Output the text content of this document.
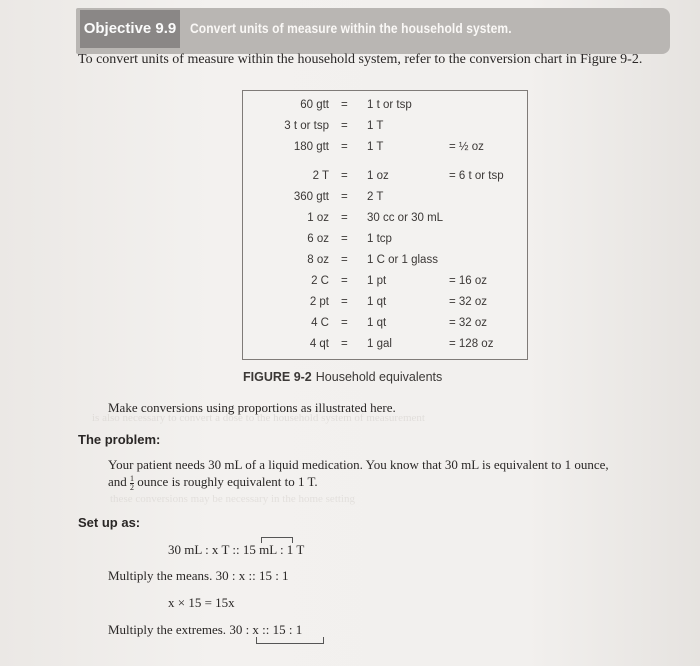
Objective 9.9 Convert units of measure within the household system.
To convert units of measure within the household system, refer to the conversion chart in Figure 9-2.
60 gtt = 1 t or tsp
3 t or tsp = 1 T
180 gtt = 1 T	= ½ oz
2 T = 1 oz	= 6 t or tsp
360 gtt = 2 T
1 oz = 30 cc or 30 mL
6 oz = 1 tcp
8 oz = 1 C or 1 glass
2 C = 1 pt	= 16 oz
2 pt = 1 qt	= 32 oz
4 C = 1 qt	= 32 oz
4 qt = 1 gal	= 128 oz
FIGURE 9-2 Household equivalents
Make conversions using proportions as illustrated here.
is also necessary to convert a dose to the household system of measurement
these conversions may be necessary in the home setting
The problem:
Your patient needs 30 mL of a liquid medication. You know that 30 mL is equivalent to 1 ounce,
and $\frac{1}{2}$ ounce is roughly equivalent to 1 T.
Set up as:
30 mL : x T :: 15 mL : 1 T
Multiply the means. 30 : x :: 15 : 1
x × 15 = 15x
Multiply the extremes. 30 : x :: 15 : 1
